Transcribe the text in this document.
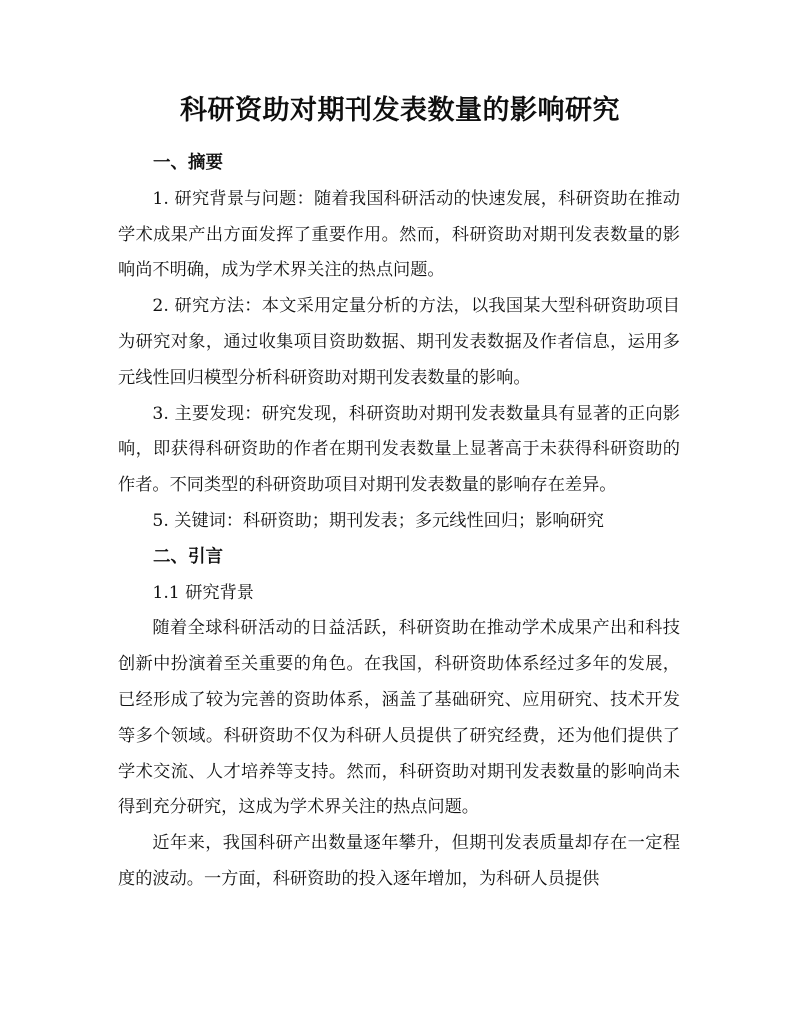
科研资助对期刊发表数量的影响研究
一、摘要

1. 研究背景与问题：随着我国科研活动的快速发展，科研资助在推动学术成果产出方面发挥了重要作用。然而，科研资助对期刊发表数量的影响尚不明确，成为学术界关注的热点问题。

2. 研究方法：本文采用定量分析的方法，以我国某大型科研资助项目为研究对象，通过收集项目资助数据、期刊发表数据及作者信息，运用多元线性回归模型分析科研资助对期刊发表数量的影响。

3. 主要发现：研究发现，科研资助对期刊发表数量具有显著的正向影响，即获得科研资助的作者在期刊发表数量上显著高于未获得科研资助的作者。不同类型的科研资助项目对期刊发表数量的影响存在差异。

5. 关键词：科研资助；期刊发表；多元线性回归；影响研究

二、引言

1.1 研究背景

随着全球科研活动的日益活跃，科研资助在推动学术成果产出和科技创新中扮演着至关重要的角色。在我国，科研资助体系经过多年的发展，已经形成了较为完善的资助体系，涵盖了基础研究、应用研究、技术开发等多个领域。科研资助不仅为科研人员提供了研究经费，还为他们提供了学术交流、人才培养等支持。然而，科研资助对期刊发表数量的影响尚未得到充分研究，这成为学术界关注的热点问题。

近年来，我国科研产出数量逐年攀升，但期刊发表质量却存在一定程度的波动。一方面，科研资助的投入逐年增加，为科研人员提供
